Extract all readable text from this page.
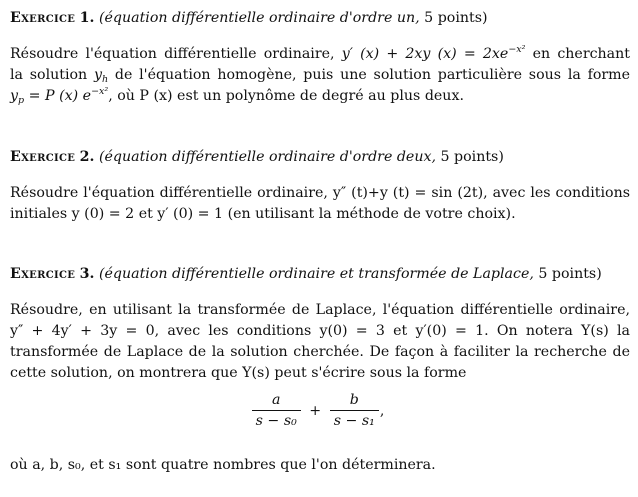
Exercice 1. (équation différentielle ordinaire d'ordre un, 5 points)
Résoudre l'équation différentielle ordinaire, y′ (x) + 2xy $(x) = 2xe^{-x^2}$ en cherchant
la solution $y_h$ de l'équation homogène, puis une solution particulière sous la forme
$y_p = P$ (x) $e^{-x^2}$, où P (x) est un polynôme de degré au plus deux.
Exercice 2. (équation différentielle ordinaire d'ordre deux, 5 points)
Résoudre l'équation différentielle ordinaire, y″ (t)+y (t) = sin (2t), avec les conditions
initiales y (0) = 2 et y′ (0) = 1 (en utilisant la méthode de votre choix).
Exercice 3. (équation différentielle ordinaire et transformée de Laplace, 5 points)
Résoudre, en utilisant la transformée de Laplace, l'équation différentielle ordinaire,
y″ + 4y′ + 3y = 0, avec les conditions y(0) = 3 et y′(0) = 1. On notera Y(s) la
transformée de Laplace de la solution cherchée. De façon à faciliter la recherche de
cette solution, on montrera que Y(s) peut s'écrire sous la forme
$\frac{a}{\text{s − s₀}} + \frac{b}{\text{s − s₁}}$ ,
où a, b, s₀, et s₁ sont quatre nombres que l'on déterminera.
